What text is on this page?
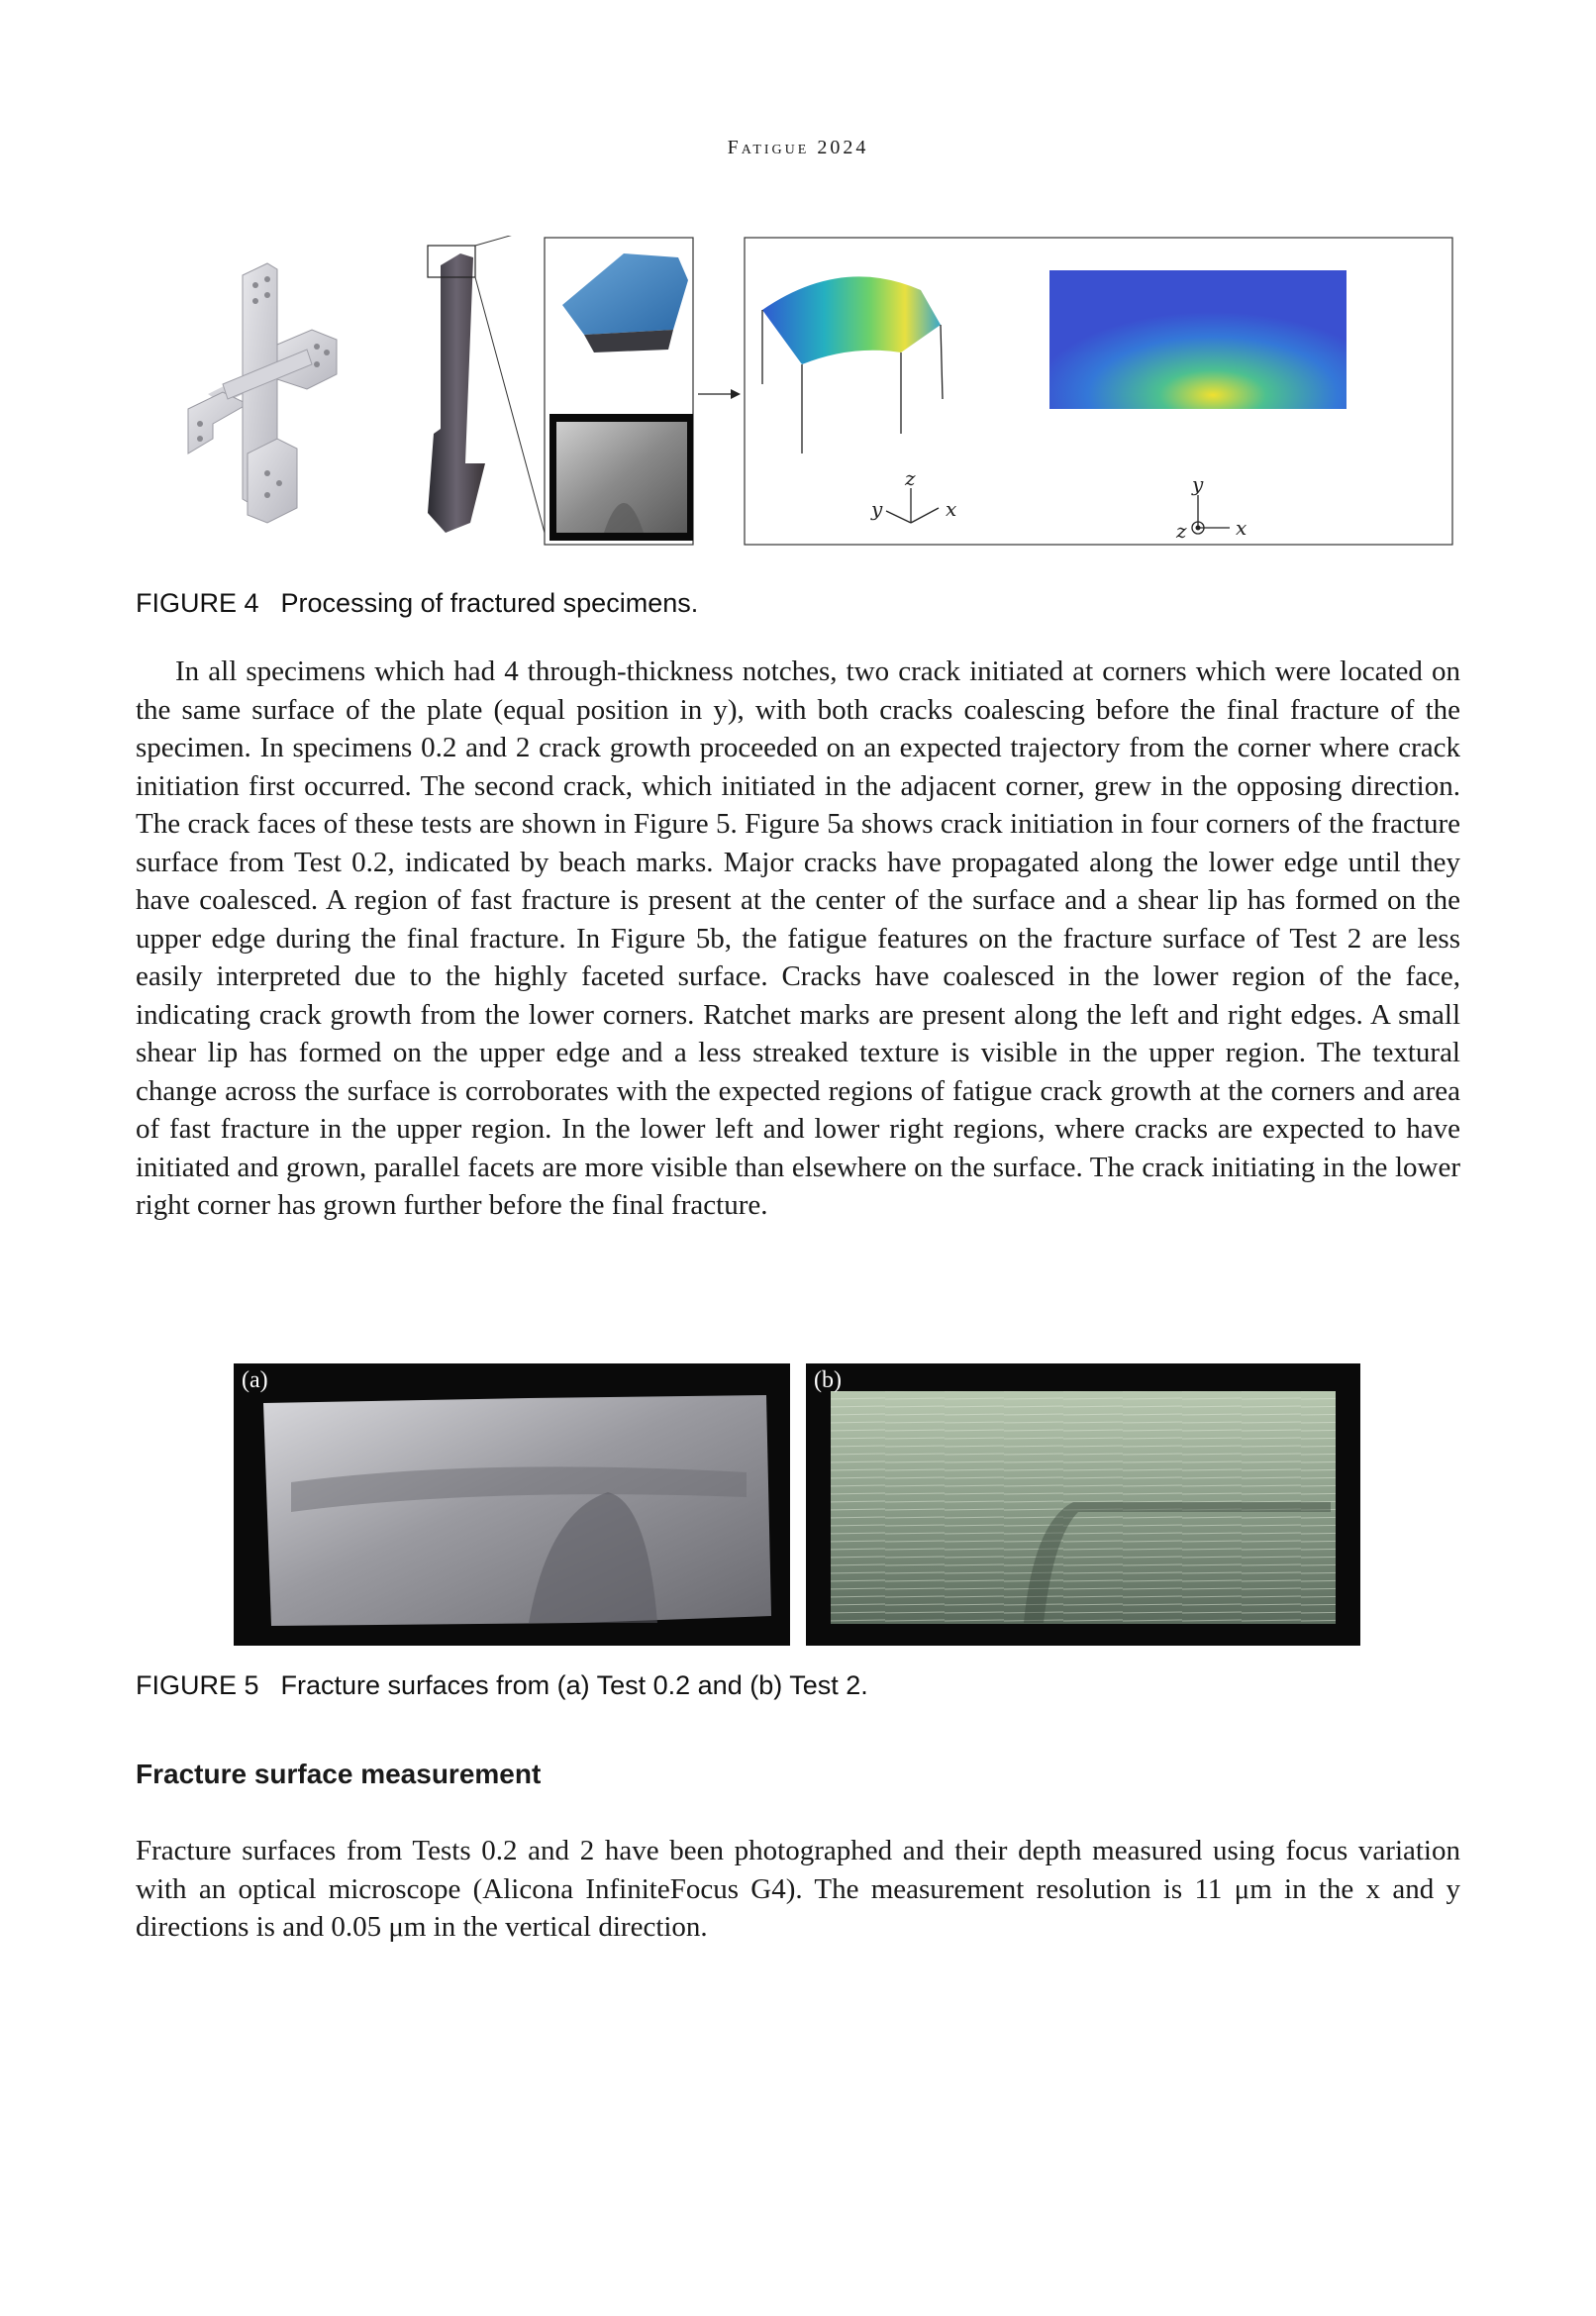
Fatigue 2024
z
y	x
y
x
z
FIGURE 4 Processing of fractured specimens.
In all specimens which had 4 through-thickness notches, two crack initiated at corners which were located on the same surface of the plate (equal position in y), with both cracks coalescing before the final fracture of the specimen. In specimens 0.2 and 2 crack growth proceeded on an expected trajectory from the corner where crack initiation first occurred. The second crack, which initiated in the adjacent corner, grew in the opposing direction. The crack faces of these tests are shown in Figure 5. Figure 5a shows crack initiation in four corners of the fracture surface from Test 0.2, indicated by beach marks. Major cracks have propagated along the lower edge until they have coalesced. A region of fast fracture is present at the center of the surface and a shear lip has formed on the upper edge during the final fracture. In Figure 5b, the fatigue features on the fracture surface of Test 2 are less easily interpreted due to the highly faceted surface. Cracks have coalesced in the lower region of the face, indicating crack growth from the lower corners. Ratchet marks are present along the left and right edges. A small shear lip has formed on the upper edge and a less streaked texture is visible in the upper region. The textural change across the surface is corroborates with the expected regions of fatigue crack growth at the corners and area of fast fracture in the upper region. In the lower left and lower right regions, where cracks are expected to have initiated and grown, parallel facets are more visible than elsewhere on the surface. The crack initiating in the lower right corner has grown further before the final fracture.
(a)	(b)
FIGURE 5 Fracture surfaces from (a) Test 0.2 and (b) Test 2.
Fracture surface measurement
Fracture surfaces from Tests 0.2 and 2 have been photographed and their depth measured using focus variation with an optical microscope (Alicona InfiniteFocus G4). The measurement resolution is 11 μm in the x and y directions is and 0.05 μm in the vertical direction.
